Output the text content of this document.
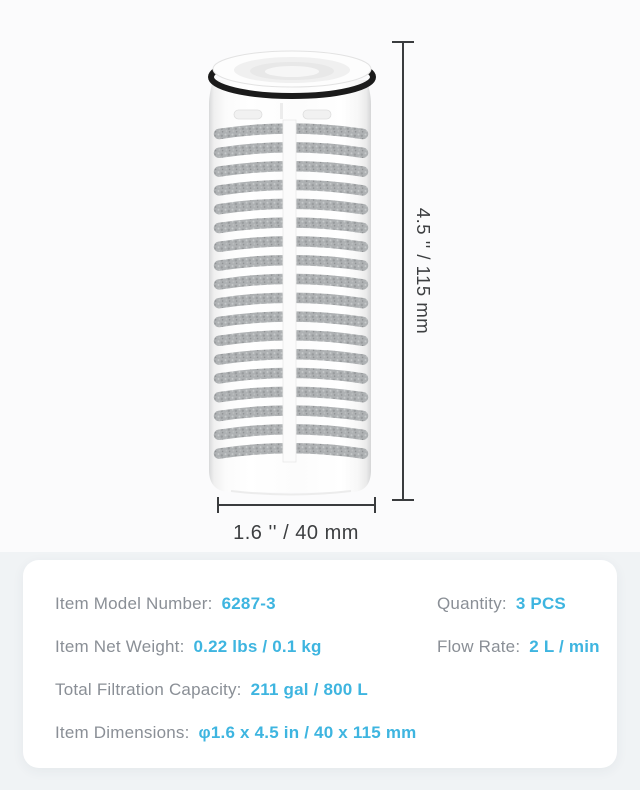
4.5 '' / 115 mm
1.6 '' / 40 mm
Item Model Number: 6287-3
Item Net Weight: 0.22 lbs / 0.1 kg
Total Filtration Capacity: 211 gal / 800 L
Item Dimensions: φ1.6 x 4.5 in / 40 x 115 mm
Quantity: 3 PCS
Flow Rate: 2 L / min
